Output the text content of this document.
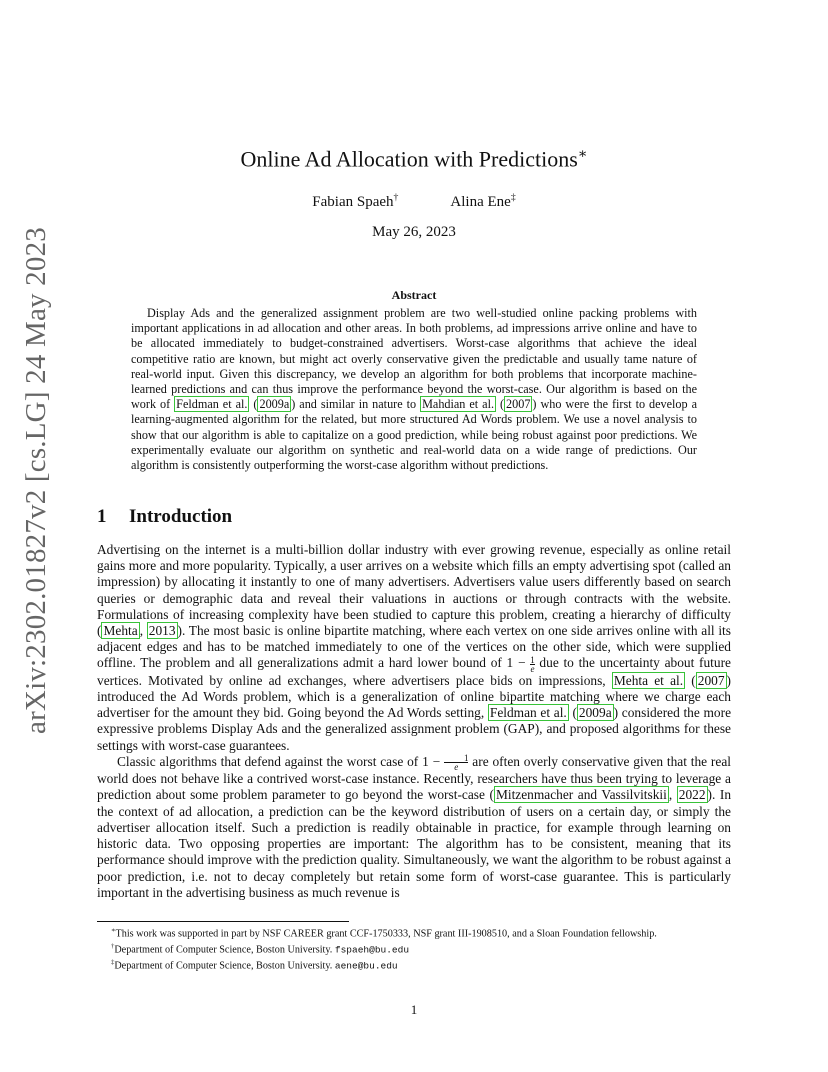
arXiv:2302.01827v2 [cs.LG] 24 May 2023
Online Ad Allocation with Predictions∗
Fabian Spaeh†	Alina Ene‡
May 26, 2023
Abstract
Display Ads and the generalized assignment problem are two well-studied online packing problems with important applications in ad allocation and other areas. In both problems, ad impressions arrive online and have to be allocated immediately to budget-constrained advertisers. Worst-case algorithms that achieve the ideal competitive ratio are known, but might act overly conservative given the predictable and usually tame nature of real-world input. Given this discrepancy, we develop an algorithm for both problems that incorporate machine-learned predictions and can thus improve the performance beyond the worst-case. Our algorithm is based on the work of Feldman et al. ( 2009a ) and similar in nature to Mahdian et al. ( 2007 ) who were the first to develop a learning-augmented algorithm for the related, but more structured Ad Words problem. We use a novel analysis to show that our algorithm is able to capitalize on a good prediction, while being robust against poor predictions. We experimentally evaluate our algorithm on synthetic and real-world data on a wide range of predictions. Our algorithm is consistently outperforming the worst-case algorithm without predictions.
1 Introduction

Advertising on the internet is a multi-billion dollar industry with ever growing revenue, especially as online retail gains more and more popularity. Typically, a user arrives on a website which fills an empty advertising spot (called an impression) by allocating it instantly to one of many advertisers. Advertisers value users differently based on search queries or demographic data and reveal their valuations in auctions or through contracts with the website. Formulations of increasing complexity have been studied to capture this problem, creating a hierarchy of difficulty ( Mehta , 2013 ). The most basic is online bipartite matching, where each vertex on one side arrives online with all its adjacent edges and has to be matched immediately to one of the vertices on the other side, which were supplied offline. The problem and all generalizations admit a hard lower bound of $1 - \frac{1}{e}$ due to the uncertainty about future vertices. Motivated by online ad exchanges, where advertisers place bids on impressions, Mehta et al. ( 2007 ) introduced the Ad Words problem, which is a generalization of online bipartite matching where we charge each advertiser for the amount they bid. Going beyond the Ad Words setting, Feldman et al. ( 2009a ) considered the more expressive problems Display Ads and the generalized assignment problem (GAP), and proposed algorithms for these settings with worst-case guarantees.

Classic algorithms that defend against the worst case of $1 - \frac{1}{e}$ are often overly conservative given that the real world does not behave like a contrived worst-case instance. Recently, researchers have thus been trying to leverage a prediction about some problem parameter to go beyond the worst-case ( Mitzenmacher and Vassilvitskii , 2022 ). In the context of ad allocation, a prediction can be the keyword distribution of users on a certain day, or simply the advertiser allocation itself. Such a prediction is readily obtainable in practice, for example through learning on historic data. Two opposing properties are important: The algorithm has to be consistent, meaning that its performance should improve with the prediction quality. Simultaneously, we want the algorithm to be robust against a poor prediction, i.e. not to decay completely but retain some form of worst-case guarantee. This is particularly important in the advertising business as much revenue is

∗This work was supported in part by NSF CAREER grant CCF-1750333, NSF grant III-1908510, and a Sloan Foundation fellowship.

†Department of Computer Science, Boston University. fspaeh@bu.edu

‡Department of Computer Science, Boston University. aene@bu.edu

1
